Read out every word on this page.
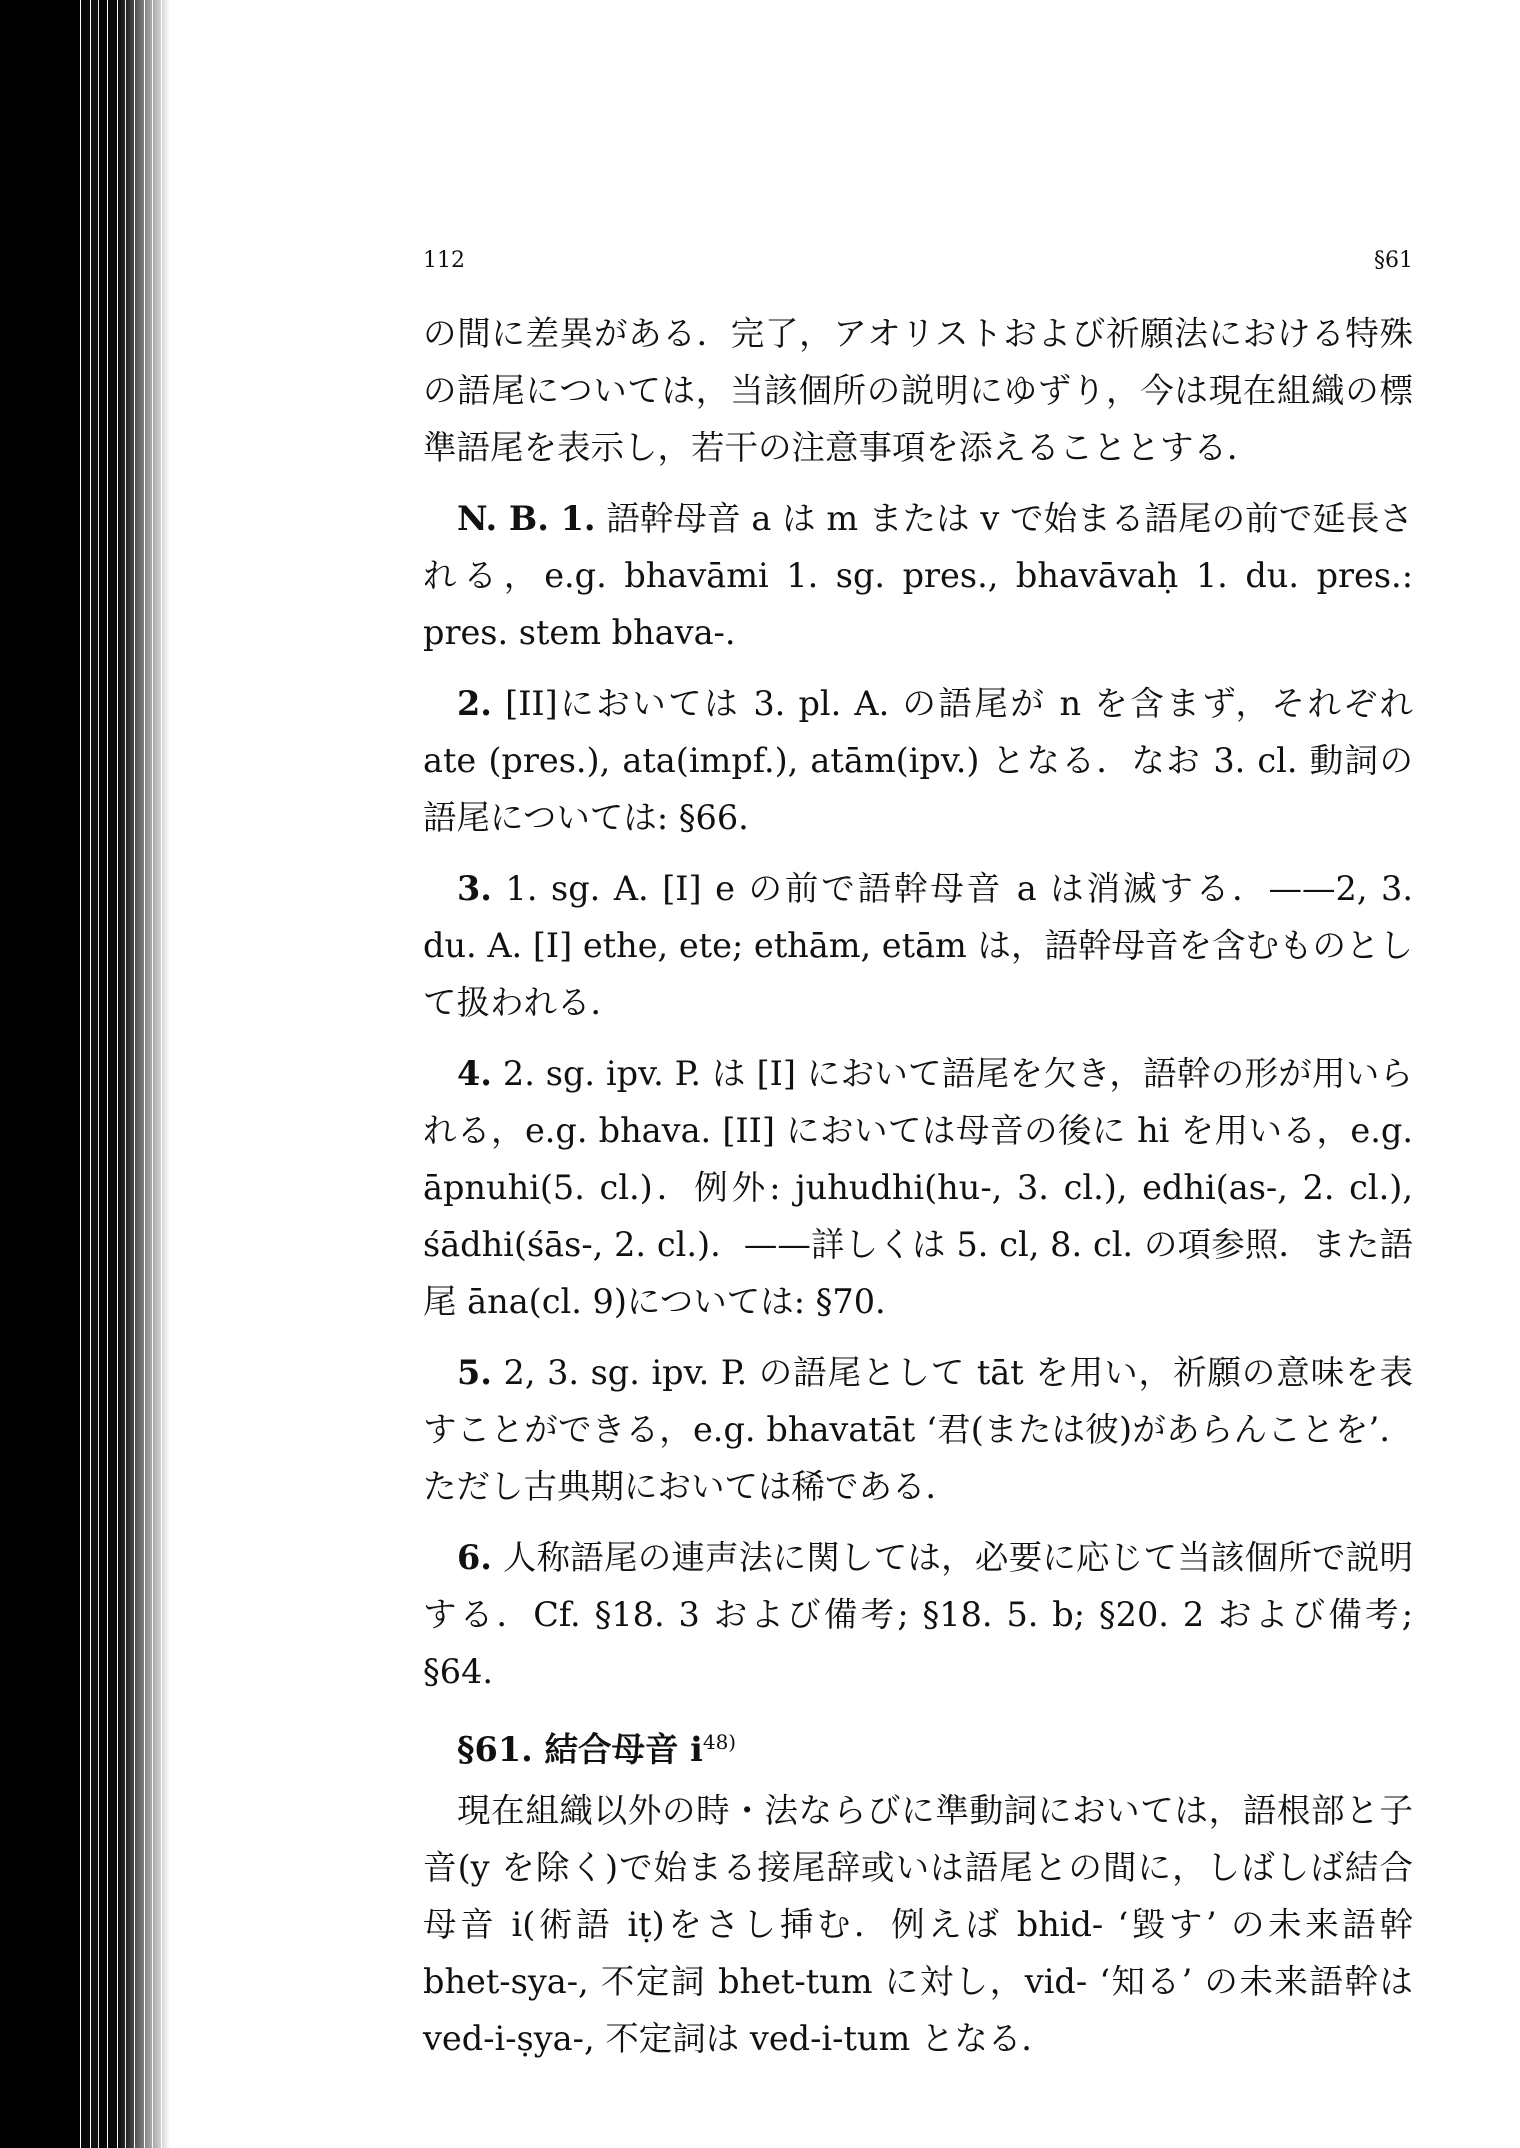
112	§61

の間に差異がある．完了，アオリストおよび祈願法における特殊の語尾については，当該個所の説明にゆずり，今は現在組織の標準語尾を表示し，若干の注意事項を添えることとする．

N. B. 1. 語幹母音 a は m または v で始まる語尾の前で延長される，e.g. bhavāmi 1. sg. pres., bhavāvaḥ 1. du. pres.: pres. stem bhava-.

2. [II]においては 3. pl. A. の語尾が n を含まず，それぞれ ate (pres.), ata(impf.), atām(ipv.) となる．なお 3. cl. 動詞の語尾については: §66.

3. 1. sg. A. [I] e の前で語幹母音 a は消滅する．——2, 3. du. A. [I] ethe, ete; ethām, etām は，語幹母音を含むものとして扱われる．

4. 2. sg. ipv. P. は [I] において語尾を欠き，語幹の形が用いられる，e.g. bhava. [II] においては母音の後に hi を用いる，e.g. āpnuhi(5. cl.)．例外: juhudhi(hu-, 3. cl.), edhi(as-, 2. cl.), śādhi(śās-, 2. cl.)．——詳しくは 5. cl, 8. cl. の項参照．また語尾 āna(cl. 9)については: §70.

5. 2, 3. sg. ipv. P. の語尾として tāt を用い，祈願の意味を表すことができる，e.g. bhavatāt ‘君(または彼)があらんことを’．ただし古典期においては稀である．

6. 人称語尾の連声法に関しては，必要に応じて当該個所で説明する．Cf. §18. 3 および備考; §18. 5. b; §20. 2 および備考; §64.

§61. 結合母音 $i^{48)}$

現在組織以外の時・法ならびに準動詞においては，語根部と子音(y を除く)で始まる接尾辞或いは語尾との間に，しばしば結合母音 i(術語 iṭ)をさし挿む．例えば bhid- ‘毀す’ の未来語幹 bhet-sya-, 不定詞 bhet-tum に対し，vid- ‘知る’ の未来語幹は ved-i-ṣya-, 不定詞は ved-i-tum となる．
